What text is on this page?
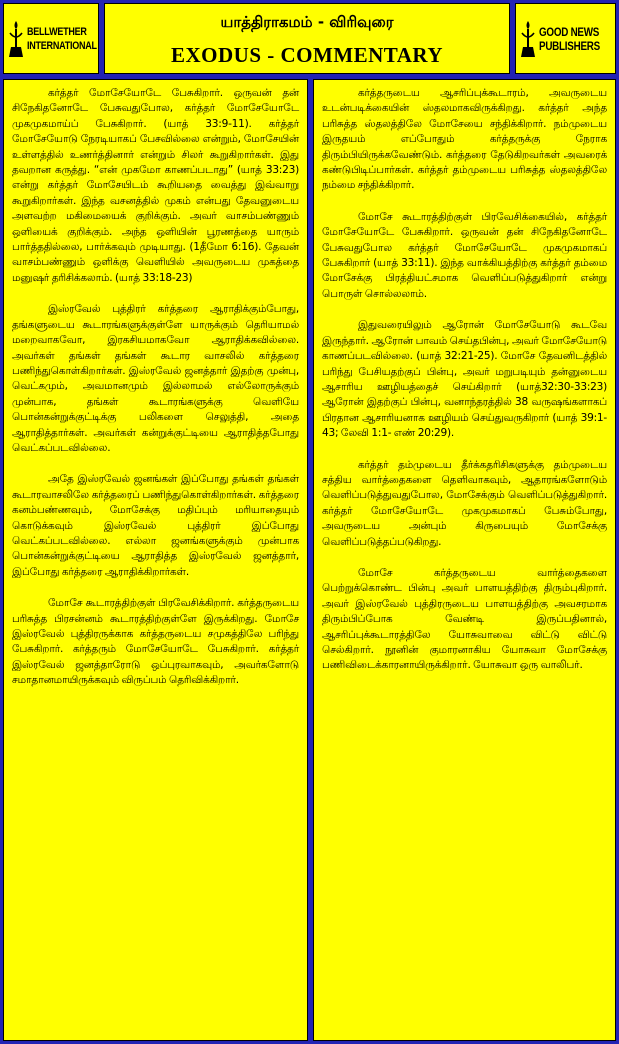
BELLWETHER
INTERNATIONAL
யாத்திராகமம் - விரிவுரை
EXODUS - COMMENTARY
GOOD NEWS
PUBLISHERS

கர்த்தர் மோசேயோடே பேசுகிறார். ஒருவன் தன் சிநேகிதனோடே பேசுவதுபோல, கர்த்தர் மோசேயோடே முகமுகமாய்ப் பேசுகிறார். (யாத் 33:9-11). கர்த்தர் மோசேயோடு நேரடியாகப் பேசவில்லை என்றும், மோசேயின் உள்ளத்தில் உணர்த்தினார் என்றும் சிலர் கூறுகிறார்கள். இது தவறான கருத்து. “என் முகமோ காணப்படாது” (யாத் 33:23) என்று கர்த்தர் மோசேயிடம் கூறியதை வைத்து இவ்வாறு கூறுகிறார்கள். இந்த வசனத்தில் முகம் என்பது தேவனுடைய அளவற்ற மகிமையைக் குறிக்கும். அவர் வாசம்பண்ணும் ஒளியைக் குறிக்கும். அந்த ஒளியின் பூரணத்தை யாரும் பார்த்ததில்லை, பார்க்கவும் முடியாது. (1தீமோ 6:16). தேவன் வாசம்பண்ணும் ஒளிக்கு வெளியில் அவருடைய முகத்தை மனுஷர் தரிசிக்கலாம். (யாத் 33:18-23)

இஸ்ரவேல் புத்திரர் கர்த்தரை ஆராதிக்கும்போது, தங்களுடைய கூடாரங்களுக்குள்ளே யாருக்கும் தெரியாமல் மறைவாகவோ, இரகசியமாகவோ ஆராதிக்கவில்லை. அவர்கள் தங்கள் தங்கள் கூடார வாசலில் கர்த்தரை பணிந்துகொள்கிறார்கள். இஸ்ரவேல் ஜனத்தார் இதற்கு முன்பு, வெட்கமும், அவமானமும் இல்லாமல் எல்லோருக்கும் முன்பாக, தங்கள் கூடாரங்களுக்கு வெளியே பொன்கன்றுக்குட்டிக்கு பலிகளை செலுத்தி, அதை ஆராதித்தார்கள். அவர்கள் கன்றுக்குட்டியை ஆராதித்தபோது வெட்கப்படவில்லை.

அதே இஸ்ரவேல் ஜனங்கள் இப்போது தங்கள் தங்கள் கூடாரவாசலிலே கர்த்தரைப் பணிந்துகொள்கிறார்கள். கர்த்தரை கனம்பண்ணவும், மோசேக்கு மதிப்பும் மரியாதையும் கொடுக்கவும் இஸ்ரவேல் புத்திரர் இப்போது வெட்கப்படவில்லை. எல்லா ஜனங்களுக்கும் முன்பாக பொன்கன்றுக்குட்டியை ஆராதித்த இஸ்ரவேல் ஜனத்தார், இப்போது கர்த்தரை ஆராதிக்கிறார்கள்.

மோசே கூடாரத்திற்குள் பிரவேசிக்கிறார். கர்த்தருடைய பரிசுத்த பிரசன்னம் கூடாரத்திற்குள்ளே இருக்கிறது. மோசே இஸ்ரவேல் புத்திரருக்காக கர்த்தருடைய சமுகத்திலே பரிந்து பேசுகிறார். கர்த்தரும் மோசேயோடே பேசுகிறார். கர்த்தர் இஸ்ரவேல் ஜனத்தாரோடு ஒப்புரவாகவும், அவர்களோடு சமாதானமாயிருக்கவும் விருப்பம் தெரிவிக்கிறார்.

கர்த்தருடைய ஆசரிப்புக்கூடாரம், அவருடைய உடன்படிக்கையின் ஸ்தலமாகவிருக்கிறது. கர்த்தர் அந்த பரிசுத்த ஸ்தலத்திலே மோசேயை சந்திக்கிறார். நம்முடைய இருதயம் எப்போதும் கர்த்தருக்கு நேராக திரும்பியிருக்கவேண்டும். கர்த்தரை தேடுகிறவர்கள் அவரைக் கண்டுபிடிப்பார்கள். கர்த்தர் தம்முடைய பரிசுத்த ஸ்தலத்திலே நம்மை சந்திக்கிறார்.

மோசே கூடாரத்திற்குள் பிரவேசிக்கையில், கர்த்தர் மோசேயோடே பேசுகிறார். ஒருவன் தன் சிநேகிதனோடே பேசுவதுபோல கர்த்தர் மோசேயோடே முகமுகமாகப் பேசுகிறார் (யாத் 33:11). இந்த வாக்கியத்திற்கு கர்த்தர் தம்மை மோசேக்கு பிரத்தியட்சமாக வெளிப்படுத்துகிறார் என்று பொருள் சொல்லலாம்.

இதுவரையிலும் ஆரோன் மோசேயோடு கூடவே இருந்தார். ஆரோன் பாவம் செய்தபின்பு, அவர் மோசேயோடு காணப்படவில்லை. (யாத் 32:21-25). மோசே தேவனிடத்தில் பரிந்து பேசியதற்குப் பின்பு, அவர் மறுபடியும் தன்னுடைய ஆசாரிய ஊழியத்தைச் செய்கிறார் (யாத்32:30-33:23) ஆரோன் இதற்குப் பின்பு, வனாந்தரத்தில் 38 வருஷங்களாகப் பிரதான ஆசாரியனாக ஊழியம் செய்துவருகிறார் (யாத் 39:1-43; லேவி 1:1- எண் 20:29).

கர்த்தர் தம்முடைய தீர்க்கதரிசிகளுக்கு தம்முடைய சத்திய வார்த்தைகளை தெளிவாகவும், ஆதாரங்களோடும் வெளிப்படுத்துவதுபோல, மோசேக்கும் வெளிப்படுத்துகிறார். கர்த்தர் மோசேயோடே முகமுகமாகப் பேசும்போது, அவருடைய அன்பும் கிருபையும் மோசேக்கு வெளிப்படுத்தப்படுகிறது.

மோசே கர்த்தருடைய வார்த்தைகளை பெற்றுக்கொண்ட பின்பு அவர் பாளயத்திற்கு திரும்புகிறார். அவர் இஸ்ரவேல் புத்திரருடைய பாளயத்திற்கு அவசரமாக திரும்பிப்போக வேண்டி இருப்பதினால், ஆசரிப்புக்கூடாரத்திலே யோசுவாவை விட்டு விட்டு செல்கிறார். நூனின் குமாரனாகிய யோசுவா மோசேக்கு பணிவிடைக்காரனாயிருக்கிறார். யோசுவா ஒரு வாலிபர்.
